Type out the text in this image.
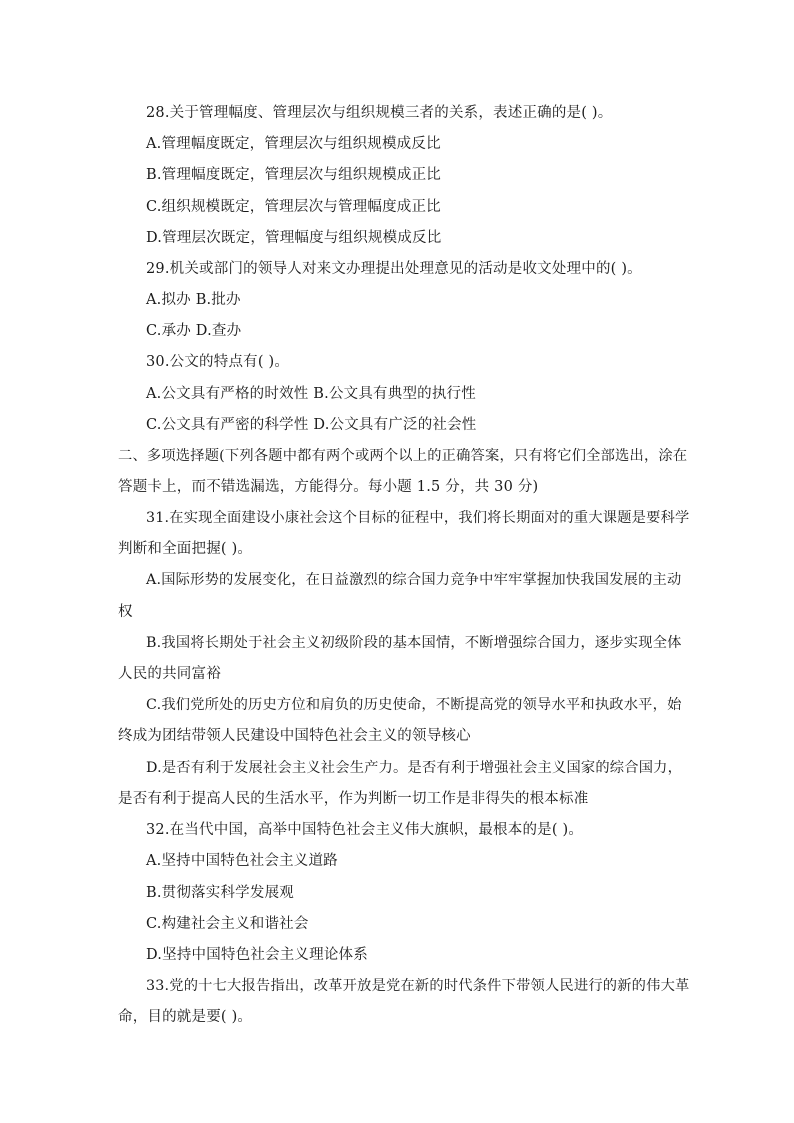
28.关于管理幅度、管理层次与组织规模三者的关系，表述正确的是( )。
A.管理幅度既定，管理层次与组织规模成反比
B.管理幅度既定，管理层次与组织规模成正比
C.组织规模既定，管理层次与管理幅度成正比
D.管理层次既定，管理幅度与组织规模成反比
29.机关或部门的领导人对来文办理提出处理意见的活动是收文处理中的( )。
A.拟办 B.批办
C.承办 D.查办
30.公文的特点有( )。
A.公文具有严格的时效性 B.公文具有典型的执行性
C.公文具有严密的科学性 D.公文具有广泛的社会性
二、多项选择题(下列各题中都有两个或两个以上的正确答案，只有将它们全部选出，涂在
答题卡上，而不错选漏选，方能得分。每小题 1.5 分，共 30 分)
31.在实现全面建设小康社会这个目标的征程中，我们将长期面对的重大课题是要科学
判断和全面把握( )。
A.国际形势的发展变化，在日益激烈的综合国力竞争中牢牢掌握加快我国发展的主动
权
B.我国将长期处于社会主义初级阶段的基本国情，不断增强综合国力，逐步实现全体
人民的共同富裕
C.我们党所处的历史方位和肩负的历史使命，不断提高党的领导水平和执政水平，始
终成为团结带领人民建设中国特色社会主义的领导核心
D.是否有利于发展社会主义社会生产力。是否有利于增强社会主义国家的综合国力，
是否有利于提高人民的生活水平，作为判断一切工作是非得失的根本标准
32.在当代中国，高举中国特色社会主义伟大旗帜，最根本的是( )。
A.坚持中国特色社会主义道路
B.贯彻落实科学发展观
C.构建社会主义和谐社会
D.坚持中国特色社会主义理论体系
33.党的十七大报告指出，改革开放是党在新的时代条件下带领人民进行的新的伟大革
命，目的就是要( )。
